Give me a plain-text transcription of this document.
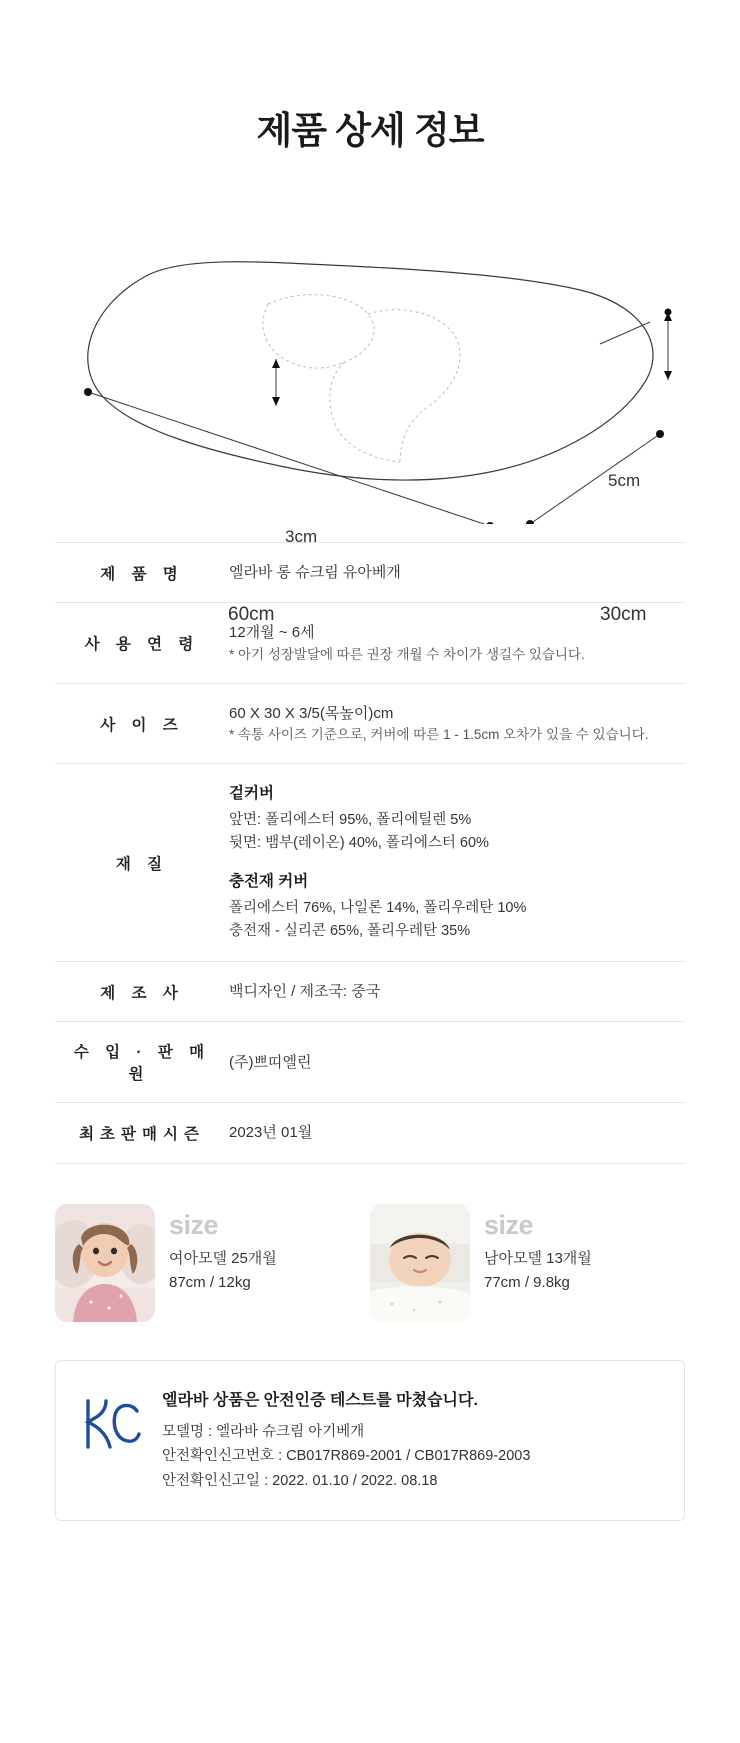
제품 상세 정보
60cm	30cm
5cm
3cm
제 품 명	엘라바 롱 슈크림 유아베개

사 용 연 령	12개월 ~ 6세
* 아기 성장발달에 따른 권장 개월 수 차이가 생길수 있습니다.

사 이 즈	60 X 30 X 3/5(목높이)cm
* 속통 사이즈 기준으로, 커버에 따른 1 - 1.5cm 오차가 있을 수 있습니다.

재 질	
겉커버
앞면: 폴리에스터 95%, 폴리에틸렌 5%
뒷면: 뱀부(레이온) 40%, 폴리에스터 60%
충전재 커버
폴리에스터 76%, 나일론 14%, 폴리우레탄 10%
충전재 - 실리콘 65%, 폴리우레탄 35%

제 조 사	백디자인 / 제조국: 중국
수 입 · 판 매 원	(주)쁘띠엘린
최초판매시즌	2023년 01월
size
여아모델 25개월
87cm / 12kg
size
남아모델 13개월
77cm / 9.8kg
엘라바 상품은 안전인증 테스트를 마쳤습니다.
모델명 : 엘라바 슈크림 아기베개
안전확인신고번호 : CB017R869-2001 / CB017R869-2003
안전확인신고일 : 2022. 01.10 / 2022. 08.18
